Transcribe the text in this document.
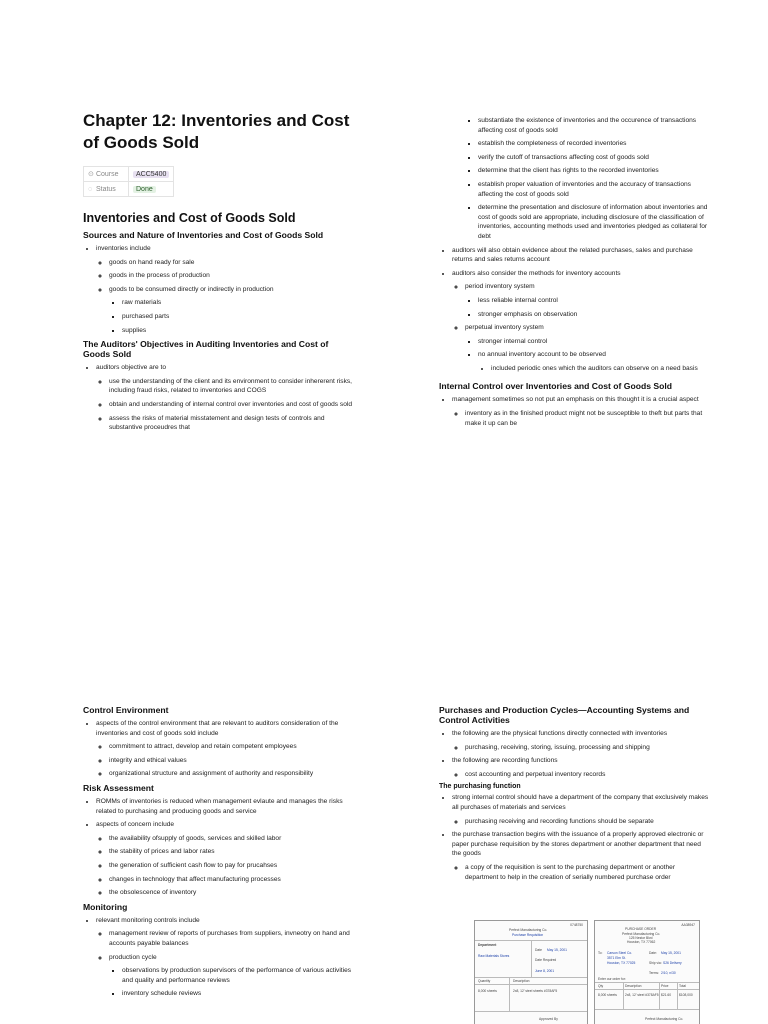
Chapter 12: Inventories and Cost of Goods Sold
⊙ Course	ACC5400
◌ Status	Done
Inventories and Cost of Goods Sold
Sources and Nature of Inventories and Cost of Goods Sold
• inventories include
◦ goods on hand ready for sale
◦ goods in the process of production
◦ goods to be consumed directly or indirectly in production
▪ raw materials
▪ purchased parts
▪ supplies
The Auditors' Objectives in Auditing Inventories and Cost of Goods Sold
• auditors objective are to
◦ use the understanding of the client and its environment to consider inhererent risks, including fraud risks, related to inventories and COGS
◦ obtain and understanding of internal control over inventories and cost of goods sold
◦ assess the risks of material misstatement and design tests of controls and substantive proceudres that
▪ substantiate the existence of inventories and the occurence of transactions affecting cost of goods sold
▪ establish the completeness of recorded inventories
▪ verify the cutoff of transactions affecting cost of goods sold
▪ determine that the client has rights to the recorded inventories
▪ establish proper valuation of inventories and the accuracy of transactions affecting the cost of goods sold
▪ determine the presentation and disclosure of information about inventories and cost of goods sold are appropriate, including disclosure of the classification of inventories, accounting methods used and inventories pledged as collateral for debt
• auditors will also obtain evidence about the related purchases, sales and purchase returns and sales returns account
• auditors also consider the methods for inventory accounts
◦ period inventory system
▪ less reliable internal control
▪ stronger emphasis on observation
◦ perpetual inventory system
▪ stronger internal control
▪ no annual inventory account to be observed
• included periodic ones which the auditors can observe on a need basis
Internal Control over Inventories and Cost of Goods Sold
• management sometimes so not put an emphasis on this thought it is a crucial aspect
◦ inventory as in the finished product might not be susceptible to theft but parts that make it up can be
Control Environment
• aspects of the control environment that are relevant to auditors consideration of the inventories and cost of goods sold include
◦ commitment to attract, develop and retain competent employees
◦ integrity and ethical values
◦ organizational structure and assignment of authority and responsibility
Risk Assessment
• ROMMs of inventories is reduced when management evlaute and manages the risks related to purchasing and producing goods and service
• aspects of concern include
◦ the availability ofsupply of goods, services and skilled labor
◦ the stability of prices and labor rates
◦ the generation of sufficient cash flow to pay for prucahses
◦ changes in technology that affect manufacturing processes
◦ the obsolescence of inventory
Monitoring
• relevant monitoring controls include
◦ management review of reports of purchases from suppliers, invneotry on hand and accounts payable balances
◦ production cycle
▪ observations by production supervisors of the performance of various activities and quality and performance reviews
▪ inventory schedule reviews
Purchases and Production Cycles—Accounting Systems and Control Activities
• the following are the physical functions directly connected with inventories
◦ purchasing, receiving, storing, issuing, processing and shipping
• the following are recording functions
◦ cost accounting and perpetual inventory records
The purchasing function
• strong internal control should have a department of the company that exclusively makes all purchases of materials and services
◦ purchasing receiving and recording functions should be separate
• the purchase transaction begins with the issuance of a properly approved electronic or paper purchase requisition by the stores department or another department that need the goods
◦ a copy of the requisition is sent to the purchasing department or another department to help in the creation of serially numbered purchase order
0748750
Perfect Manufacturing Co.
Purchase Requisition
Department
Raw Materials Stores
Date May 15, 2001
Date Required
June 8, 2001
Quantity	Description
8,000 sheets	2x8, 12' steel sheets #378AF5
Approved By
AA38947
PURCHASE ORDER
Perfect Manufacturing Co.
125 Nestor Blvd
Houston, TX 77062
To: Carson Steel Co.
3571 Elm St.
Houston, TX 77025
Date: May 15, 2001
Ship via: S26 Delivery
Terms: 2/10, n/30
Enter our order for:
Qty	Description	Price	Total
8,000 sheets 2x8, 12' steel #378AF5 $21.60 $108,000
Perfect Manufacturing Co.
